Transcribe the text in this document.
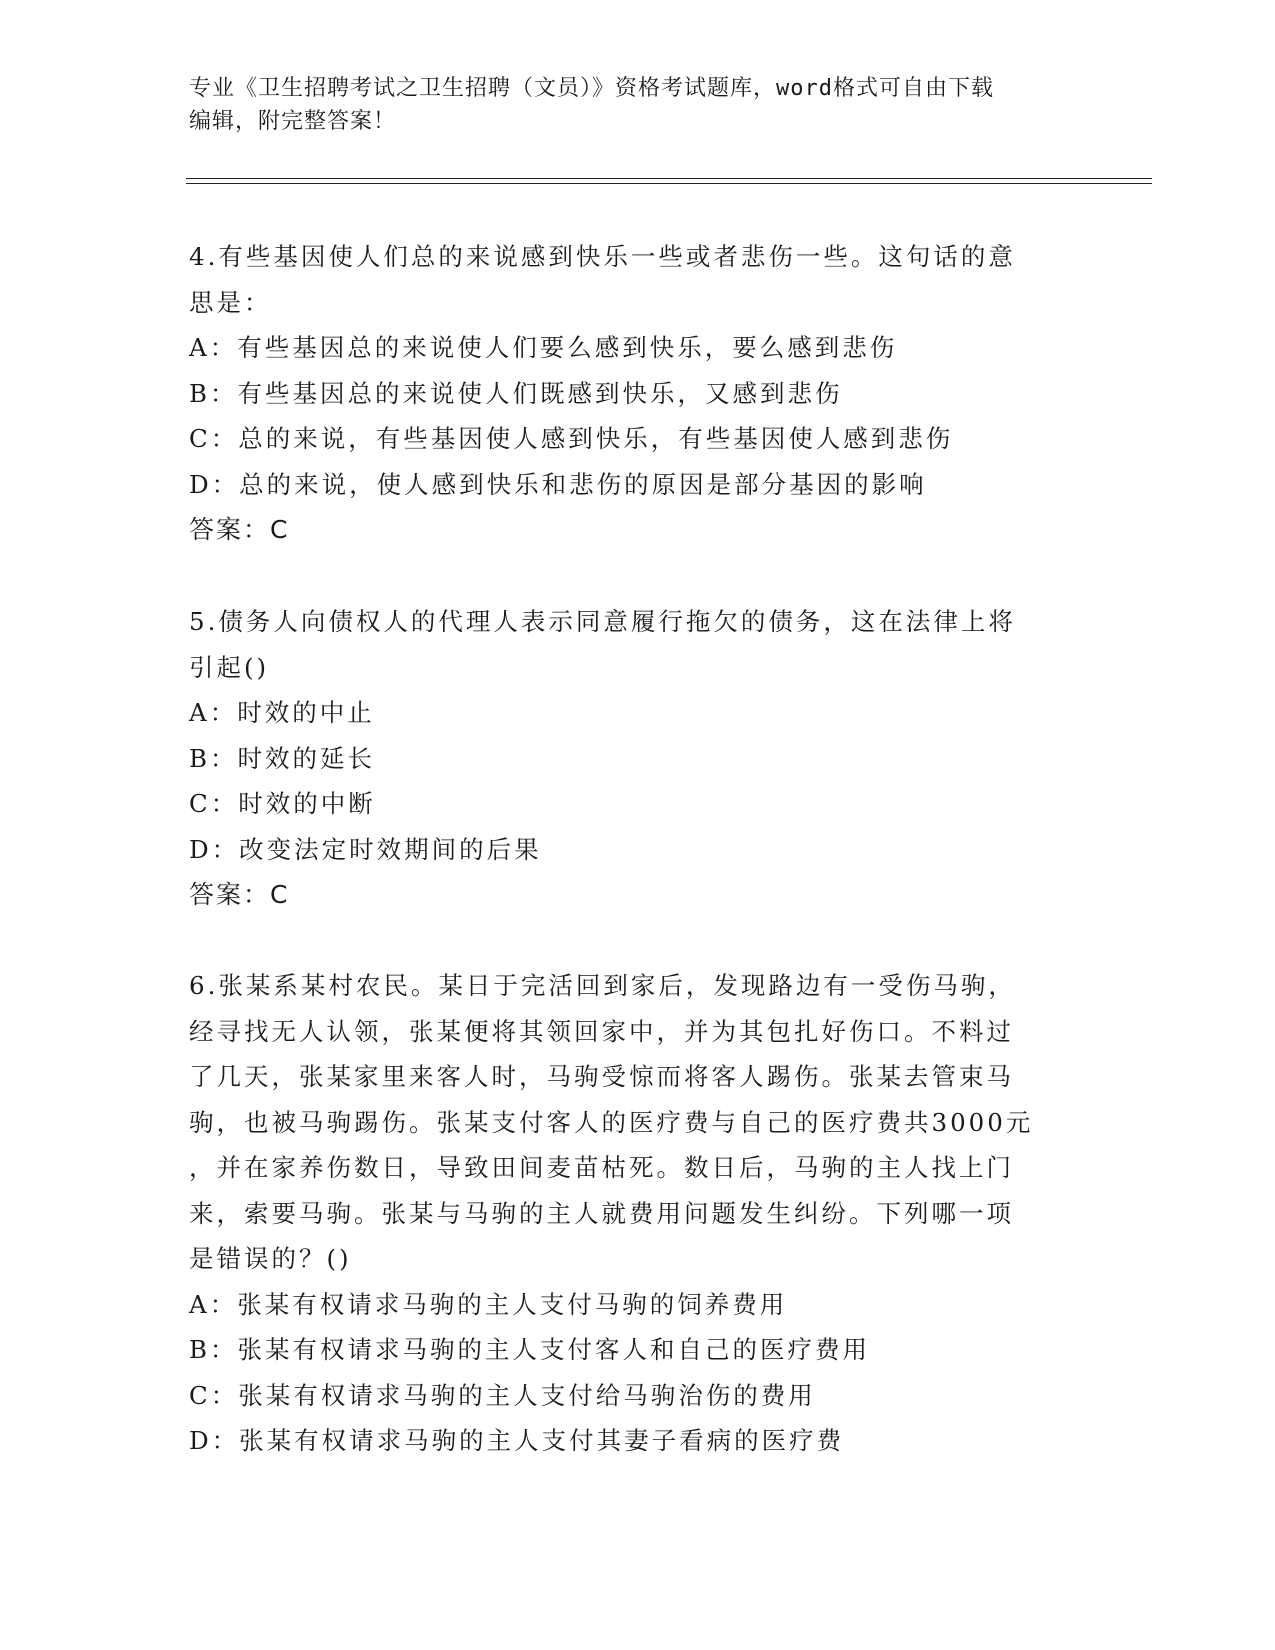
专业《卫生招聘考试之卫生招聘（文员）》资格考试题库，word格式可自由下载
编辑，附完整答案！
4.有些基因使人们总的来说感到快乐一些或者悲伤一些。这句话的意
思是：
A：有些基因总的来说使人们要么感到快乐，要么感到悲伤
B：有些基因总的来说使人们既感到快乐，又感到悲伤
C：总的来说，有些基因使人感到快乐，有些基因使人感到悲伤
D：总的来说，使人感到快乐和悲伤的原因是部分基因的影响
答案：C
5.债务人向债权人的代理人表示同意履行拖欠的债务，这在法律上将
引起()
A：时效的中止
B：时效的延长
C：时效的中断
D：改变法定时效期间的后果
答案：C
6.张某系某村农民。某日于完活回到家后，发现路边有一受伤马驹，
经寻找无人认领，张某便将其领回家中，并为其包扎好伤口。不料过
了几天，张某家里来客人时，马驹受惊而将客人踢伤。张某去管束马
驹，也被马驹踢伤。张某支付客人的医疗费与自己的医疗费共3000元
，并在家养伤数日，导致田间麦苗枯死。数日后，马驹的主人找上门
来，索要马驹。张某与马驹的主人就费用问题发生纠纷。下列哪一项
是错误的？()
A：张某有权请求马驹的主人支付马驹的饲养费用
B：张某有权请求马驹的主人支付客人和自己的医疗费用
C：张某有权请求马驹的主人支付给马驹治伤的费用
D：张某有权请求马驹的主人支付其妻子看病的医疗费
